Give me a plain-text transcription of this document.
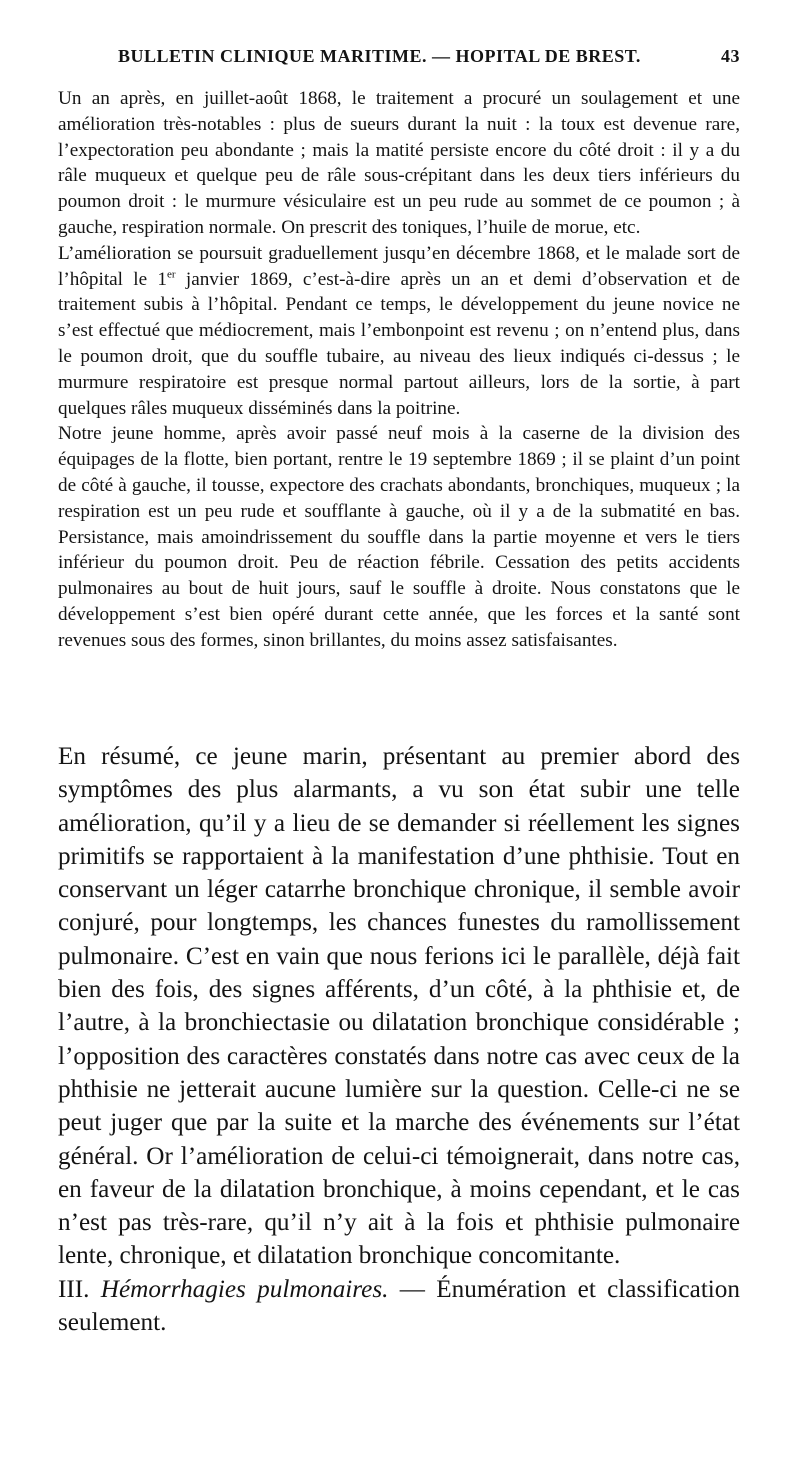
BULLETIN CLINIQUE MARITIME. — HOPITAL DE BREST.	43

Un an après, en juillet-août 1868, le traitement a procuré un soulagement et une amélioration très-notables : plus de sueurs durant la nuit : la toux est devenue rare, l’expectoration peu abondante ; mais la matité persiste encore du côté droit : il y a du râle muqueux et quelque peu de râle sous-crépitant dans les deux tiers inférieurs du poumon droit : le murmure vésiculaire est un peu rude au sommet de ce poumon ; à gauche, respiration normale. On prescrit des toniques, l’huile de morue, etc.

L’amélioration se poursuit graduellement jusqu’en décembre 1868, et le malade sort de l’hôpital le 1er janvier 1869, c’est-à-dire après un an et demi d’observation et de traitement subis à l’hôpital. Pendant ce temps, le développement du jeune novice ne s’est effectué que médiocrement, mais l’embonpoint est revenu ; on n’entend plus, dans le poumon droit, que du souffle tubaire, au niveau des lieux indiqués ci-dessus ; le murmure respiratoire est presque normal partout ailleurs, lors de la sortie, à part quelques râles muqueux disséminés dans la poitrine.

Notre jeune homme, après avoir passé neuf mois à la caserne de la division des équipages de la flotte, bien portant, rentre le 19 septembre 1869 ; il se plaint d’un point de côté à gauche, il tousse, expectore des crachats abondants, bronchiques, muqueux ; la respiration est un peu rude et soufflante à gauche, où il y a de la submatité en bas. Persistance, mais amoindrissement du souffle dans la partie moyenne et vers le tiers inférieur du poumon droit. Peu de réaction fébrile. Cessation des petits accidents pulmonaires au bout de huit jours, sauf le souffle à droite. Nous constatons que le développement s’est bien opéré durant cette année, que les forces et la santé sont revenues sous des formes, sinon brillantes, du moins assez satisfaisantes.

En résumé, ce jeune marin, présentant au premier abord des symptômes des plus alarmants, a vu son état subir une telle amélioration, qu’il y a lieu de se demander si réellement les signes primitifs se rapportaient à la manifestation d’une phthisie. Tout en conservant un léger catarrhe bronchique chronique, il semble avoir conjuré, pour longtemps, les chances funestes du ramollissement pulmonaire. C’est en vain que nous ferions ici le parallèle, déjà fait bien des fois, des signes afférents, d’un côté, à la phthisie et, de l’autre, à la bronchiectasie ou dilatation bronchique considérable ; l’opposition des caractères constatés dans notre cas avec ceux de la phthisie ne jetterait aucune lumière sur la question. Celle-ci ne se peut juger que par la suite et la marche des événements sur l’état général. Or l’amélioration de celui-ci témoignerait, dans notre cas, en faveur de la dilatation bronchique, à moins cependant, et le cas n’est pas très-rare, qu’il n’y ait à la fois et phthisie pulmonaire lente, chronique, et dilatation bronchique concomitante.

III. Hémorrhagies pulmonaires. — Énumération et classification seulement.
